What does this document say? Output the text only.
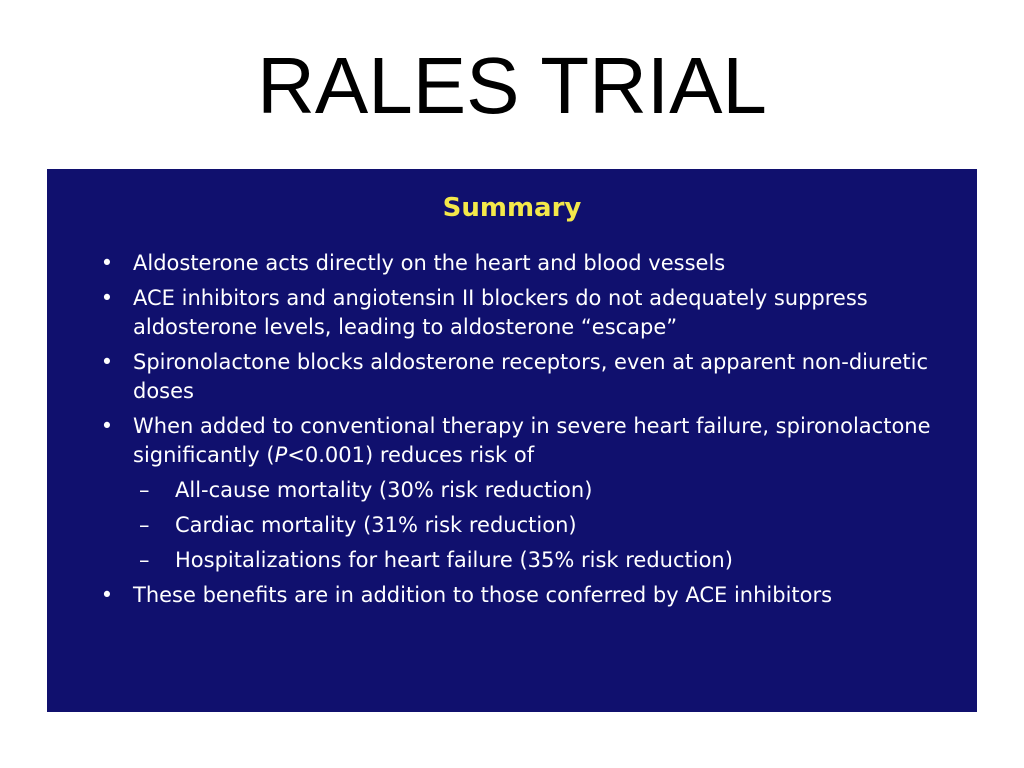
RALES TRIAL
Summary
• Aldosterone acts directly on the heart and blood vessels
• ACE inhibitors and angiotensin II blockers do not adequately suppress aldosterone levels, leading to aldosterone “escape”
• Spironolactone blocks aldosterone receptors, even at apparent non-diuretic doses
• When added to conventional therapy in severe heart failure, spironolactone significantly (P<0.001) reduces risk of
– All-cause mortality (30% risk reduction)
– Cardiac mortality (31% risk reduction)
– Hospitalizations for heart failure (35% risk reduction)
• These benefits are in addition to those conferred by ACE inhibitors
